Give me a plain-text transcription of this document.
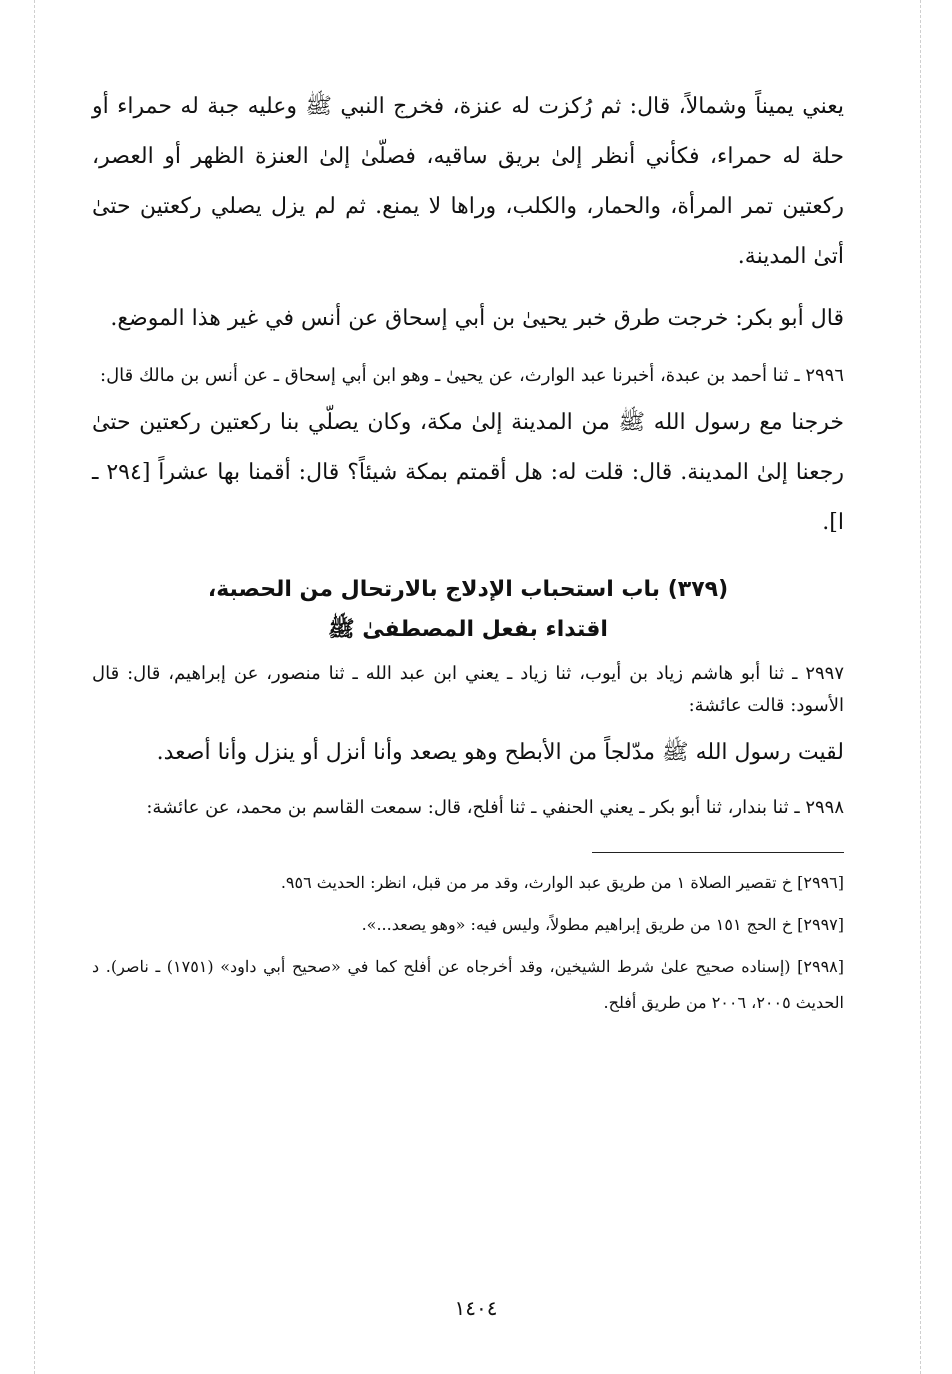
يعني يميناً وشمالاً، قال: ثم رُكزت له عنزة، فخرج النبي ﷺ وعليه جبة له حمراء أو حلة له حمراء، فكأني أنظر إلىٰ بريق ساقيه، فصلّىٰ إلىٰ العنزة الظهر أو العصر، ركعتين تمر المرأة، والحمار، والكلب، وراها لا يمنع. ثم لم يزل يصلي ركعتين حتىٰ أتىٰ المدينة.

قال أبو بكر: خرجت طرق خبر يحيىٰ بن أبي إسحاق عن أنس في غير هذا الموضع.

٢٩٩٦ ـ ثنا أحمد بن عبدة، أخبرنا عبد الوارث، عن يحيىٰ ـ وهو ابن أبي إسحاق ـ عن أنس بن مالك قال:

خرجنا مع رسول الله ﷺ من المدينة إلىٰ مكة، وكان يصلّي بنا ركعتين ركعتين حتىٰ رجعنا إلىٰ المدينة. قال: قلت له: هل أقمتم بمكة شيئاً؟ قال: أقمنا بها عشراً [٢٩٤ ـ ا].

(٣٧٩) باب استحباب الإدلاج بالارتحال من الحصبة،

اقتداء بفعل المصطفىٰ ﷺ

٢٩٩٧ ـ ثنا أبو هاشم زياد بن أيوب، ثنا زياد ـ يعني ابن عبد الله ـ ثنا منصور، عن إبراهيم، قال: قال الأسود: قالت عائشة:

لقيت رسول الله ﷺ مدّلجاً من الأبطح وهو يصعد وأنا أنزل أو ينزل وأنا أصعد.

٢٩٩٨ ـ ثنا بندار، ثنا أبو بكر ـ يعني الحنفي ـ ثنا أفلح، قال: سمعت القاسم بن محمد، عن عائشة:

[٢٩٩٦] خ تقصير الصلاة ١ من طريق عبد الوارث، وقد مر من قبل، انظر: الحديث ٩٥٦.

[٢٩٩٧] خ الحج ١٥١ من طريق إبراهيم مطولاً، وليس فيه: «وهو يصعد...».

[٢٩٩٨] (إسناده صحيح علىٰ شرط الشيخين، وقد أخرجاه عن أفلح كما في «صحيح أبي داود» (١٧٥١) ـ ناصر). د الحديث ٢٠٠٥، ٢٠٠٦ من طريق أفلح.

١٤٠٤
